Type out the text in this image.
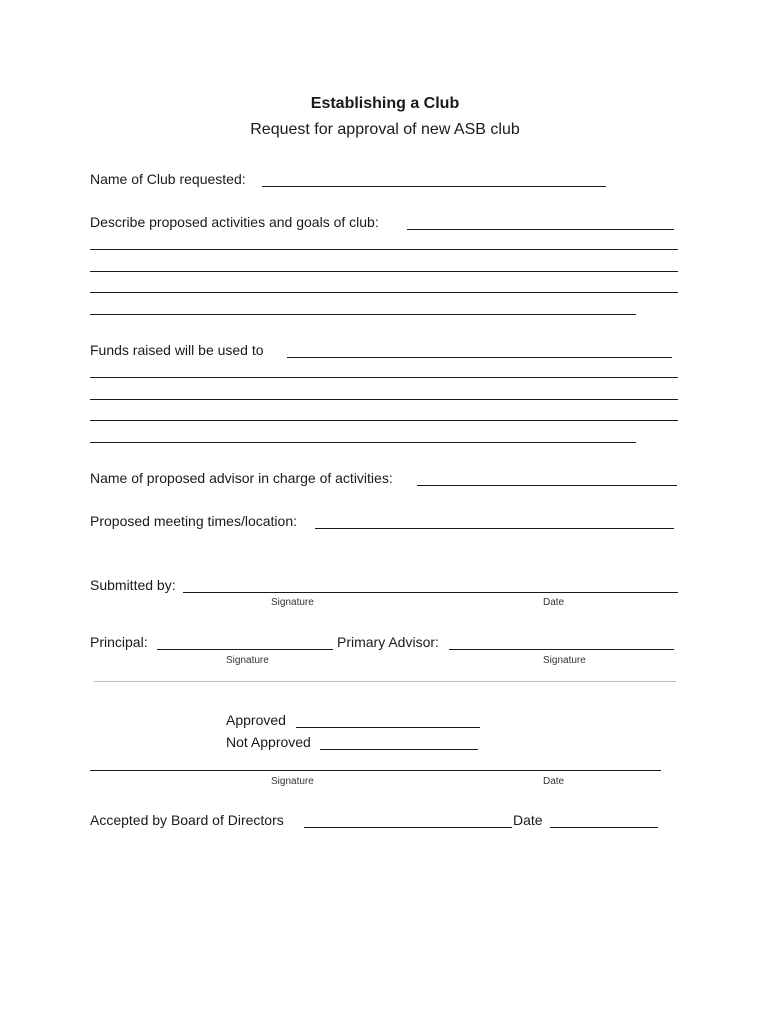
Establishing a Club
Request for approval of new ASB club
Name of Club requested:
Describe proposed activities and goals of club:
Funds raised will be used to
Name of proposed advisor in charge of activities:
Proposed meeting times/location:
Submitted by:
Signature	Date
Principal:	Primary Advisor:
Signature	Signature
Approved
Not Approved
Signature	Date
Accepted by Board of Directors	Date
